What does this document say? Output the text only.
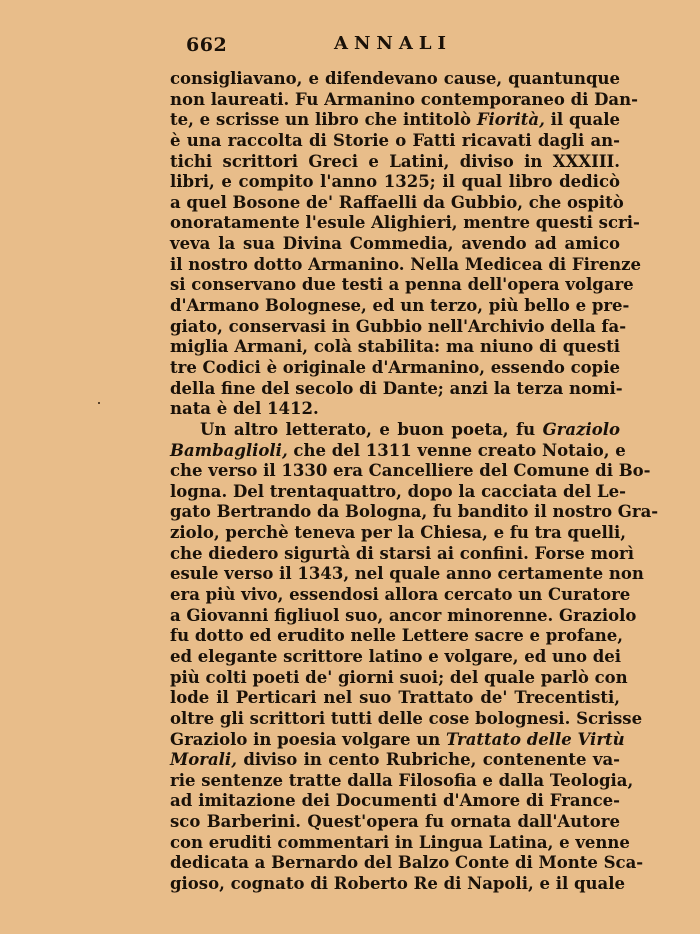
662	ANNALI
consigliavano, e difendevano cause, quantunque
non laureati. Fu Armanino contemporaneo di Dan-
te, e scrisse un libro che intitolò Fiorità, il quale
è una raccolta di Storie o Fatti ricavati dagli an-
tichi scrittori Greci e Latini, diviso in XXXIII.
libri, e compito l'anno 1325; il qual libro dedicò
a quel Bosone de' Raffaelli da Gubbio, che ospitò
onoratamente l'esule Alighieri, mentre questi scri-
veva la sua Divina Commedia, avendo ad amico
il nostro dotto Armanino. Nella Medicea di Firenze
si conservano due testi a penna dell'opera volgare
d'Armano Bolognese, ed un terzo, più bello e pre-
giato, conservasi in Gubbio nell'Archivio della fa-
miglia Armani, colà stabilita: ma niuno di questi
tre Codici è originale d'Armanino, essendo copie
della fine del secolo di Dante; anzi la terza nomi-
nata è del 1412.
Un altro letterato, e buon poeta, fu Graziolo
Bambaglioli, che del 1311 venne creato Notaio, e
che verso il 1330 era Cancelliere del Comune di Bo-
logna. Del trentaquattro, dopo la cacciata del Le-
gato Bertrando da Bologna, fu bandito il nostro Gra-
ziolo, perchè teneva per la Chiesa, e fu tra quelli,
che diedero sigurtà di starsi ai confini. Forse morì
esule verso il 1343, nel quale anno certamente non
era più vivo, essendosi allora cercato un Curatore
a Giovanni figliuol suo, ancor minorenne. Graziolo
fu dotto ed erudito nelle Lettere sacre e profane,
ed elegante scrittore latino e volgare, ed uno dei
più colti poeti de' giorni suoi; del quale parlò con
lode il Perticari nel suo Trattato de' Trecentisti,
oltre gli scrittori tutti delle cose bolognesi. Scrisse
Graziolo in poesia volgare un Trattato delle Virtù
Morali, diviso in cento Rubriche, contenente va-
rie sentenze tratte dalla Filosofia e dalla Teologia,
ad imitazione dei Documenti d'Amore di France-
sco Barberini. Quest'opera fu ornata dall'Autore
con eruditi commentari in Lingua Latina, e venne
dedicata a Bernardo del Balzo Conte di Monte Sca-
gioso, cognato di Roberto Re di Napoli, e il quale
